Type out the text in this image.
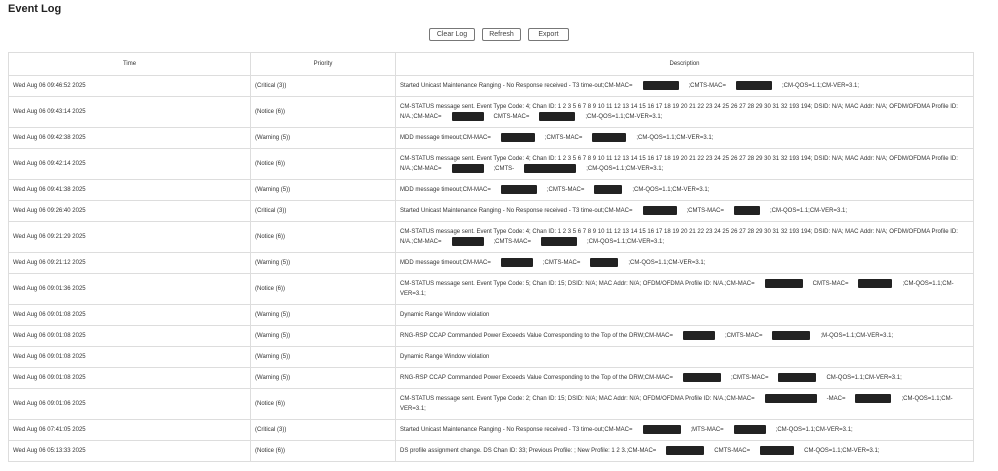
Event Log
Clear Log	Refresh	Export
Time	Priority	Description
Wed Aug 06 09:46:52 2025	(Critical (3))	Started Unicast Maintenance Ranging - No Response received - T3 time-out;CM-MAC= ;CMTS-MAC= ;CM-QOS=1.1;CM-VER=3.1;
Wed Aug 06 09:43:14 2025	(Notice (6))	CM-STATUS message sent. Event Type Code: 4; Chan ID: 1 2 3 5 6 7 8 9 10 11 12 13 14 15 16 17 18 19 20 21 22 23 24 25 26 27 28 29 30 31 32 193 194; DSID: N/A; MAC Addr: N/A; OFDM/OFDMA Profile ID: N/A.;CM-MAC= CMTS-MAC= ;CM-QOS=1.1;CM-VER=3.1;
Wed Aug 06 09:42:38 2025	(Warning (5))	MDD message timeout;CM-MAC= ;CMTS-MAC= ;CM-QOS=1.1;CM-VER=3.1;
Wed Aug 06 09:42:14 2025	(Notice (6))	CM-STATUS message sent. Event Type Code: 4; Chan ID: 1 2 3 5 6 7 8 9 10 11 12 13 14 15 16 17 18 19 20 21 22 23 24 25 26 27 28 29 30 31 32 193 194; DSID: N/A; MAC Addr: N/A; OFDM/OFDMA Profile ID: N/A.;CM-MAC= ;CMTS- ;CM-QOS=1.1;CM-VER=3.1;
Wed Aug 06 09:41:38 2025	(Warning (5))	MDD message timeout;CM-MAC= ;CMTS-MAC= ;CM-QOS=1.1;CM-VER=3.1;
Wed Aug 06 09:26:40 2025	(Critical (3))	Started Unicast Maintenance Ranging - No Response received - T3 time-out;CM-MAC= ;CMTS-MAC= ;CM-QOS=1.1;CM-VER=3.1;
Wed Aug 06 09:21:29 2025	(Notice (6))	CM-STATUS message sent. Event Type Code: 4; Chan ID: 1 2 3 5 6 7 8 9 10 11 12 13 14 15 16 17 18 19 20 21 22 23 24 25 26 27 28 29 30 31 32 193 194; DSID: N/A; MAC Addr: N/A; OFDM/OFDMA Profile ID: N/A.;CM-MAC= ;CMTS-MAC= ;CM-QOS=1.1;CM-VER=3.1;
Wed Aug 06 09:21:12 2025	(Warning (5))	MDD message timeout;CM-MAC= ;CMTS-MAC= ;CM-QOS=1.1;CM-VER=3.1;
Wed Aug 06 09:01:36 2025	(Notice (6))	CM-STATUS message sent. Event Type Code: 5; Chan ID: 15; DSID: N/A; MAC Addr: N/A; OFDM/OFDMA Profile ID: N/A.;CM-MAC= CMTS-MAC= ;CM-QOS=1.1;CM-VER=3.1;
Wed Aug 06 09:01:08 2025	(Warning (5))	Dynamic Range Window violation
Wed Aug 06 09:01:08 2025	(Warning (5))	RNG-RSP CCAP Commanded Power Exceeds Value Corresponding to the Top of the DRW;CM-MAC= ;CMTS-MAC= ;M-QOS=1.1;CM-VER=3.1;
Wed Aug 06 09:01:08 2025	(Warning (5))	Dynamic Range Window violation
Wed Aug 06 09:01:08 2025	(Warning (5))	RNG-RSP CCAP Commanded Power Exceeds Value Corresponding to the Top of the DRW;CM-MAC= ;CMTS-MAC= CM-QOS=1.1;CM-VER=3.1;
Wed Aug 06 09:01:06 2025	(Notice (6))	CM-STATUS message sent. Event Type Code: 2; Chan ID: 15; DSID: N/A; MAC Addr: N/A; OFDM/OFDMA Profile ID: N/A.;CM-MAC= -MAC= ;CM-QOS=1.1;CM-VER=3.1;
Wed Aug 06 07:41:05 2025	(Critical (3))	Started Unicast Maintenance Ranging - No Response received - T3 time-out;CM-MAC= ;MTS-MAC= ;CM-QOS=1.1;CM-VER=3.1;
Wed Aug 06 05:13:33 2025	(Notice (6))	DS profile assignment change. DS Chan ID: 33; Previous Profile: ; New Profile: 1 2 3.;CM-MAC= CMTS-MAC= CM-QOS=1.1;CM-VER=3.1;
